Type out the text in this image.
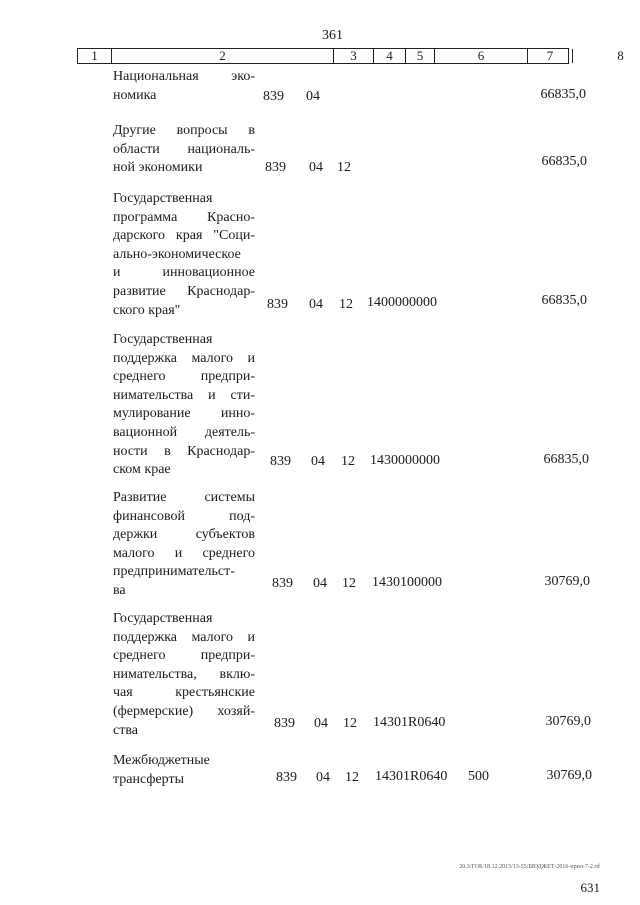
361
1	2	3	4	5	6	7	8
Национальная эко-
номика	839 04	66835,0
Другие вопросы в
области националь-
ной экономики	839 04 12	66835,0
Государственная
программа Красно-
дарского края "Соци-
ально-экономическое
и инновационное
развитие Краснодар-
ского края"	839 04 12 1400000000	66835,0
Государственная
поддержка малого и
среднего предпри-
нимательства и сти-
мулирование инно-
вационной деятель-
ности в Краснодар-
ском крае
839 04 12 1430000000	66835,0
Развитие системы
финансовой под-
держки субъектов
малого и среднего
предпринимательст-
ва	839 04 12 1430100000	30769,0
Государственная
поддержка малого и
среднего предпри-
нимательства, вклю-
чая крестьянские
(фермерские) хозяй-
ства	839 04 12 14301R0640	30769,0
Межбюджетные
трансферты	839 04 12 14301R0640 500	30769,0
20.3/ГОБ/18.12.2015/13-55/БЮДЖЕТ-2016-прил-7-2.rtf
631
